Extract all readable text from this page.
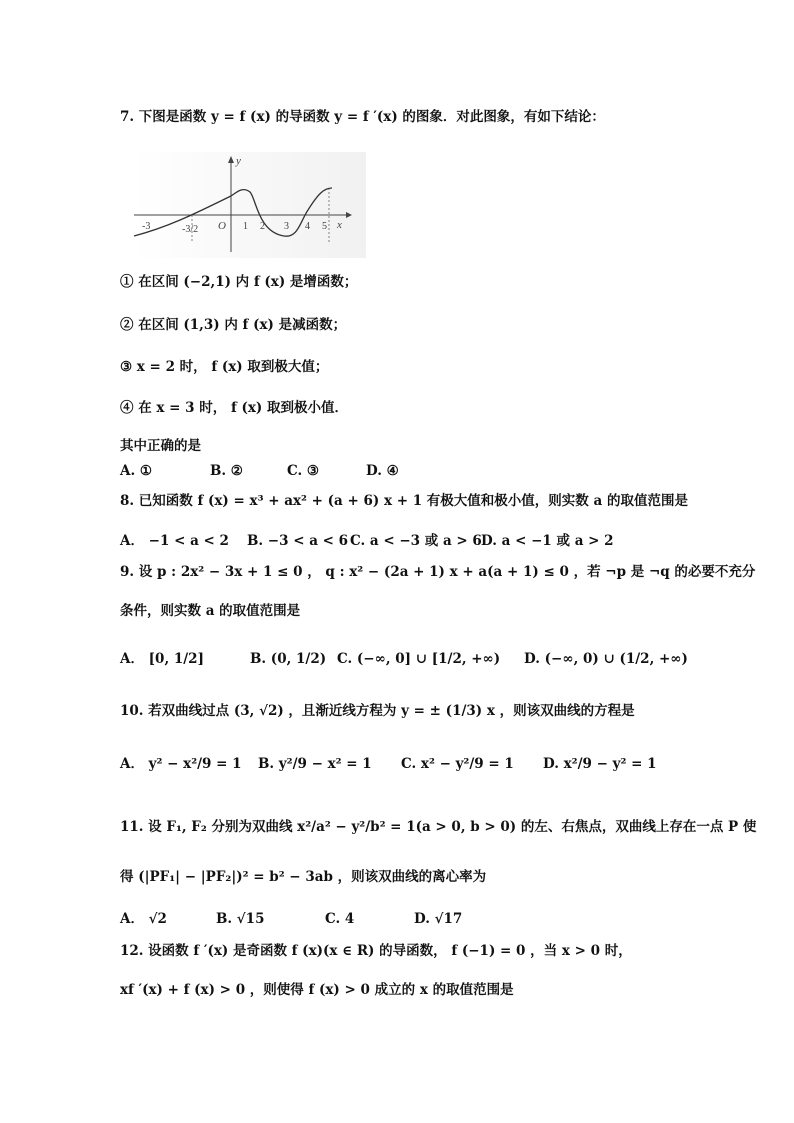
7. 下图是函数 y = f (x) 的导函数 y = f ′(x) 的图象．对此图象，有如下结论：
y
x
O
-3	-3/2	1 2 3 4 5
① 在区间 (−2,1) 内 f (x) 是增函数；
② 在区间 (1,3) 内 f (x) 是减函数；
③ x = 2 时， f (x) 取到极大值；
④ 在 x = 3 时， f (x) 取到极小值．
其中正确的是
A. ①	B. ②	C. ③	D. ④
8. 已知函数 f (x) = x³ + ax² + (a + 6) x + 1 有极大值和极小值，则实数 a 的取值范围是
A． −1 < a < 2 B. −3 < a < 6 C. a < −3 或 a > 6 D. a < −1 或 a > 2
9. 设 p : 2x² − 3x + 1 ≤ 0 ， q : x² − (2a + 1) x + a(a + 1) ≤ 0 ，若 ¬p 是 ¬q 的必要不充分
条件，则实数 a 的取值范围是
A． [0, 1/2]	B. (0, 1/2) C. (−∞, 0] ∪ [1/2, +∞) D. (−∞, 0) ∪ (1/2, +∞)
10. 若双曲线过点 (3, √2) ，且渐近线方程为 y = ± (1/3) x ，则该双曲线的方程是
A． y² − x²/9 = 1 B. y²/9 − x² = 1 C. x² − y²/9 = 1 D. x²/9 − y² = 1
11. 设 F₁, F₂ 分别为双曲线 x²/a² − y²/b² = 1(a > 0, b > 0) 的左、右焦点，双曲线上存在一点 P 使
得 (|PF₁| − |PF₂|)² = b² − 3ab ，则该双曲线的离心率为
A． √2	B. √15	C. 4	D. √17
12. 设函数 f ′(x) 是奇函数 f (x)(x ∈ R) 的导函数， f (−1) = 0 ，当 x > 0 时，
xf ′(x) + f (x) > 0 ，则使得 f (x) > 0 成立的 x 的取值范围是
